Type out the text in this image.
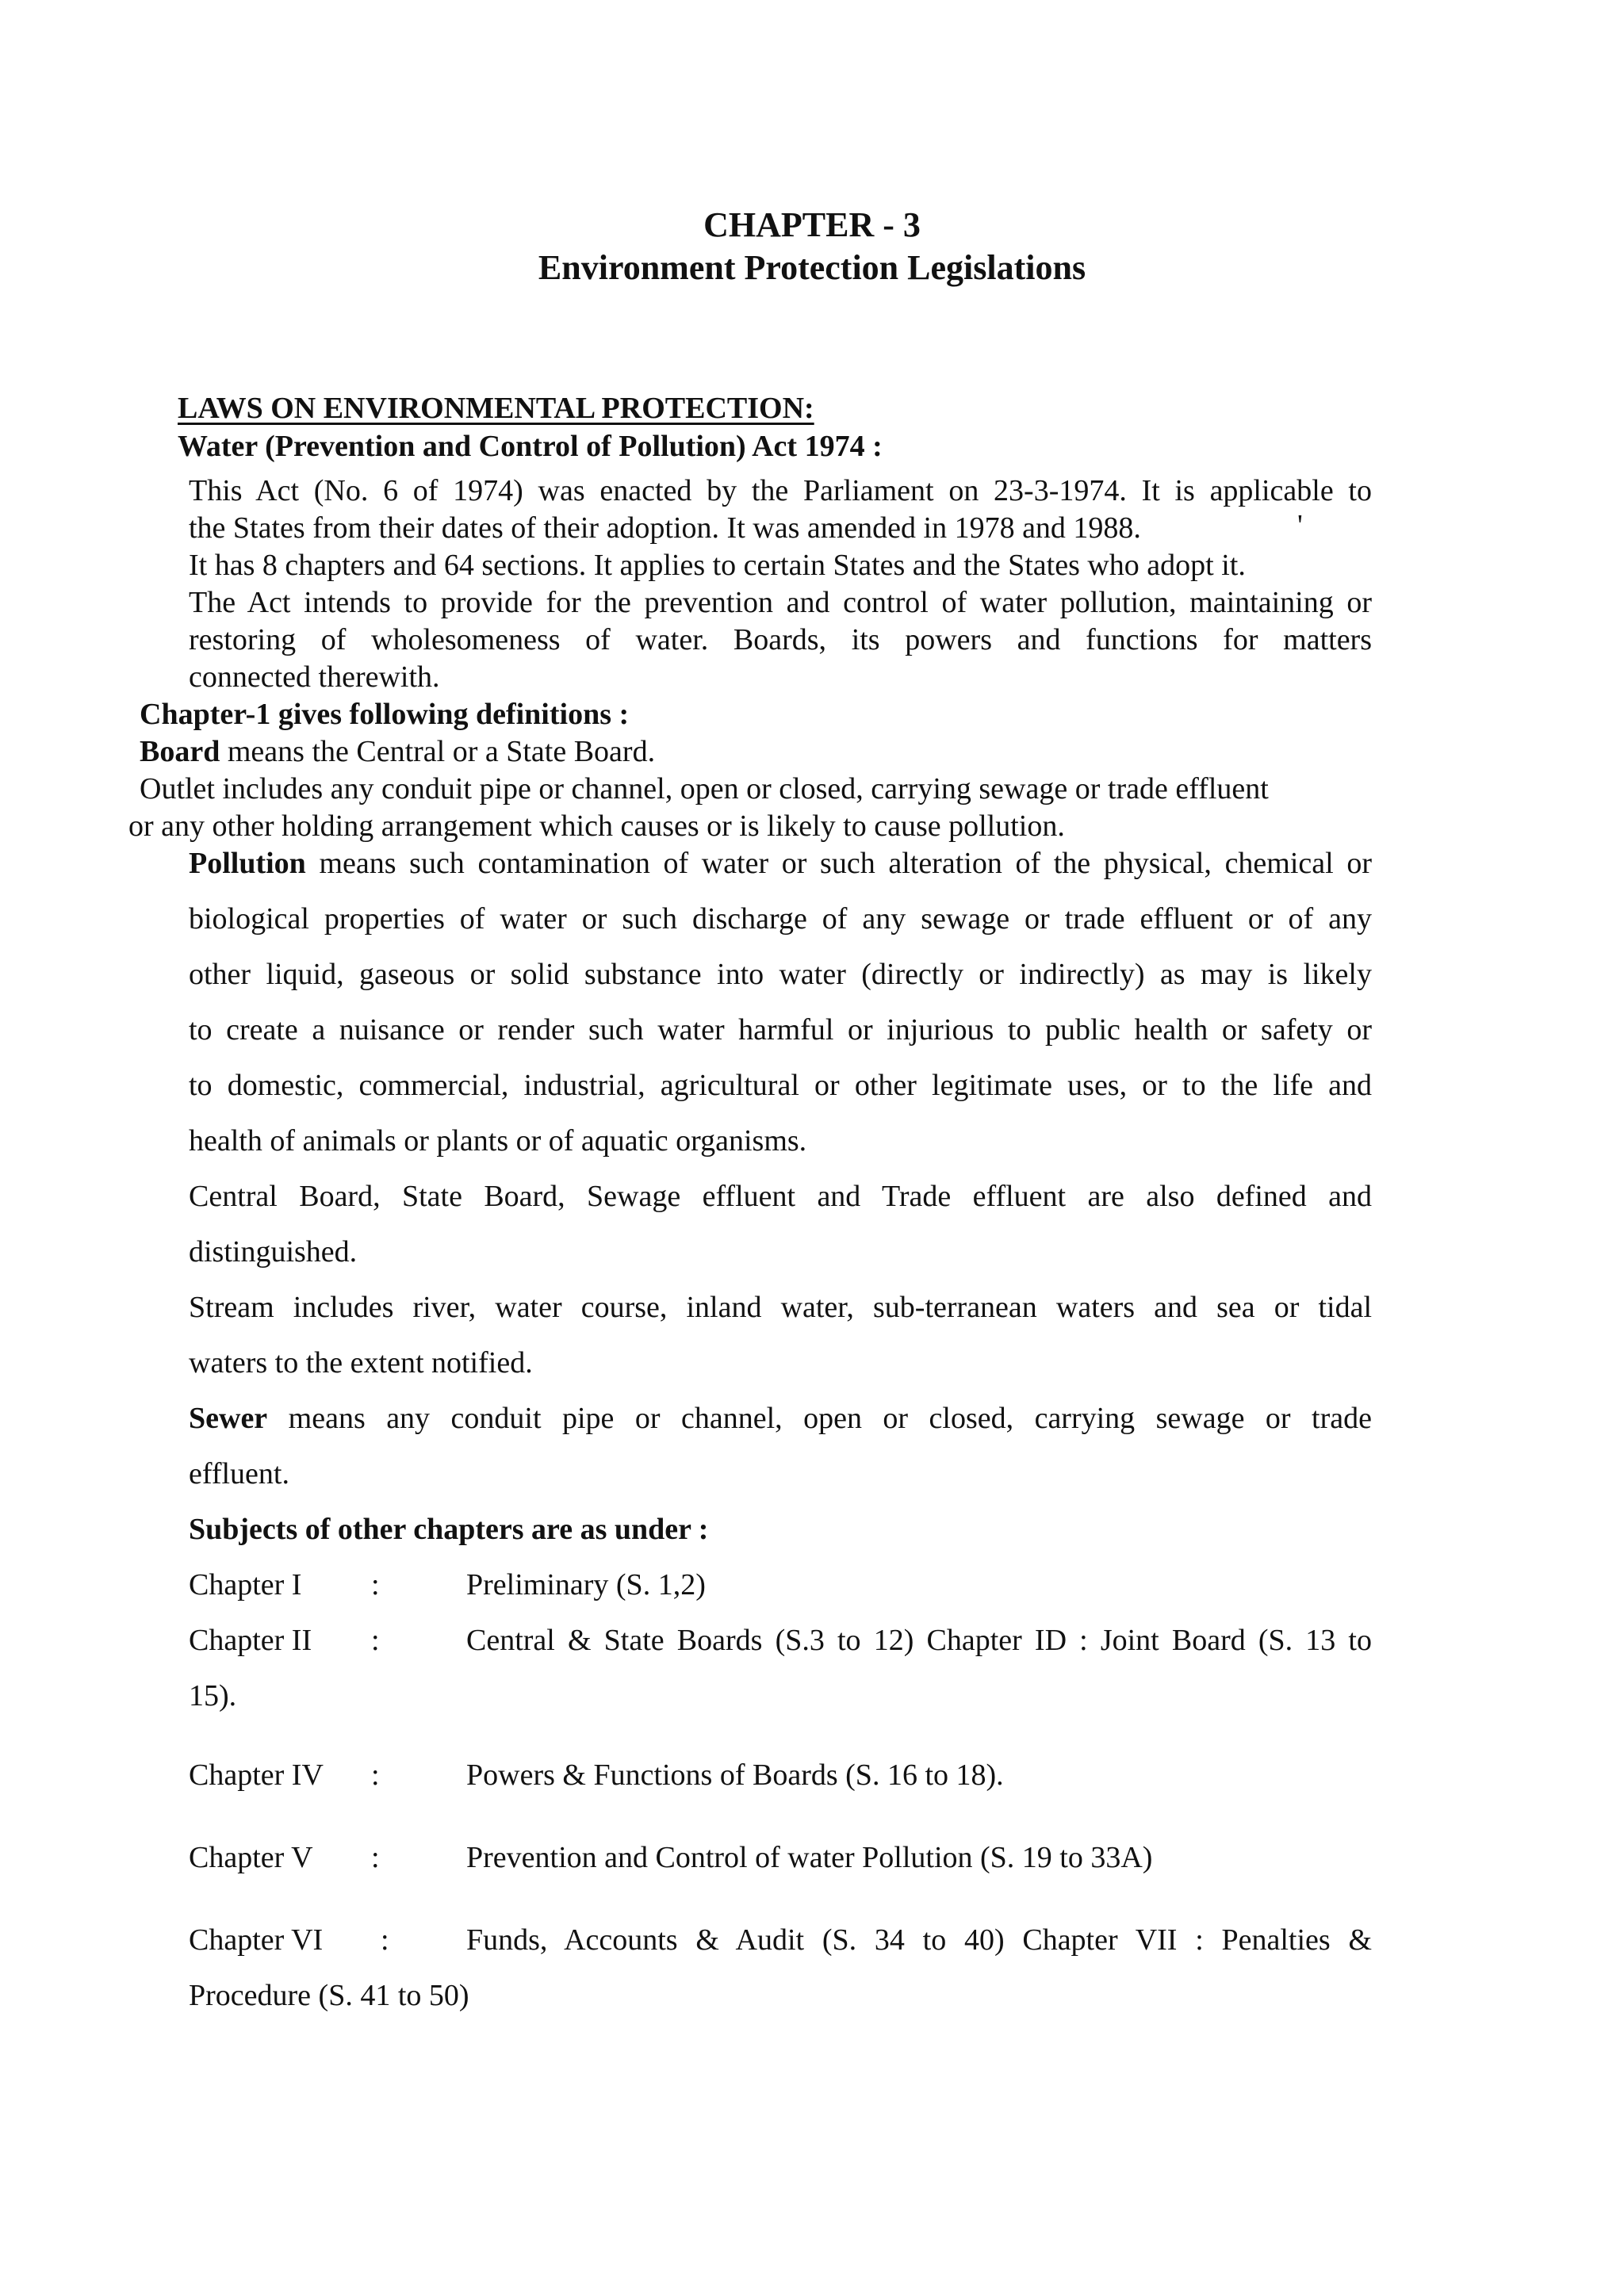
CHAPTER - 3
Environment Protection Legislations
LAWS ON ENVIRONMENTAL PROTECTION:
Water (Prevention and Control of Pollution) Act 1974 :
This Act (No. 6 of 1974) was enacted by the Parliament on 23-3-1974. It is applicable to
the States from their dates of their adoption. It was amended in 1978 and 1988.	'
It has 8 chapters and 64 sections. It applies to certain States and the States who adopt it.
The Act intends to provide for the prevention and control of water pollution, maintaining or
restoring of wholesomeness of water. Boards, its powers and functions for matters
connected therewith.
Chapter-1 gives following definitions :
Board means the Central or a State Board.
Outlet includes any conduit pipe or channel, open or closed, carrying sewage or trade effluent
or any other holding arrangement which causes or is likely to cause pollution.
Pollution means such contamination of water or such alteration of the physical, chemical or
biological properties of water or such discharge of any sewage or trade effluent or of any
other liquid, gaseous or solid substance into water (directly or indirectly) as may is likely
to create a nuisance or render such water harmful or injurious to public health or safety or
to domestic, commercial, industrial, agricultural or other legitimate uses, or to the life and
health of animals or plants or of aquatic organisms.
Central Board, State Board, Sewage effluent and Trade effluent are also defined and
distinguished.
Stream includes river, water course, inland water, sub-terranean waters and sea or tidal
waters to the extent notified.
Sewer means any conduit pipe or channel, open or closed, carrying sewage or trade
effluent.
Subjects of other chapters are as under :
Chapter I :	Preliminary (S. 1,2)
Chapter II :	Central & State Boards (S.3 to 12) Chapter ID : Joint Board (S. 13 to
15).
Chapter IV :	Powers & Functions of Boards (S. 16 to 18).
Chapter V :	Prevention and Control of water Pollution (S. 19 to 33A)
Chapter VI :	Funds, Accounts & Audit (S. 34 to 40) Chapter VII : Penalties &
Procedure (S. 41 to 50)
